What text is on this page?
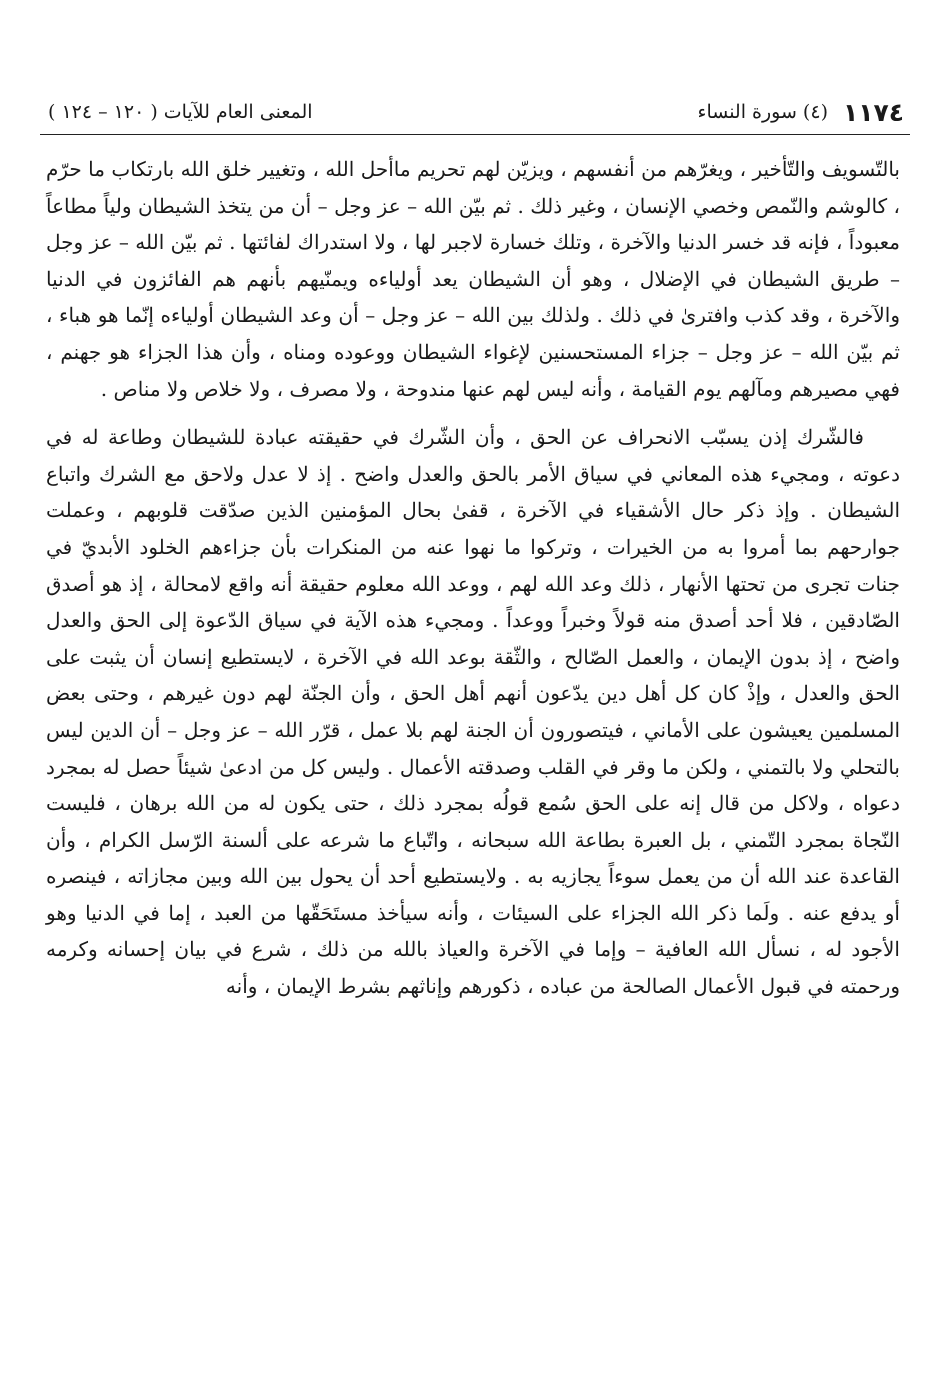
١١٧٤
(٤) سورة النساء
المعنى العام للآيات ( ١٢٠ – ١٢٤ )

بالتّسويف والتّأخير ، ويغرّهم من أنفسهم ، ويزيّن لهم تحريم ماأحل الله ، وتغيير خلق الله بارتكاب ما حرّم ، كالوشم والنّمص وخصي الإنسان ، وغير ذلك . ثم بيّن الله – عز وجل – أن من يتخذ الشيطان ولياً مطاعاً معبوداً ، فإنه قد خسر الدنيا والآخرة ، وتلك خسارة لاجبر لها ، ولا استدراك لفائتها . ثم بيّن الله – عز وجل – طريق الشيطان في الإضلال ، وهو أن الشيطان يعد أولياءه ويمنّيهم بأنهم هم الفائزون في الدنيا والآخرة ، وقد كذب وافترىٰ في ذلك . ولذلك بين الله – عز وجل – أن وعد الشيطان أولياءه إنّما هو هباء ، ثم بيّن الله – عز وجل – جزاء المستحسنين لإغواء الشيطان ووعوده ومناه ، وأن هذا الجزاء هو جهنم ، فهي مصيرهم ومآلهم يوم القيامة ، وأنه ليس لهم عنها مندوحة ، ولا مصرف ، ولا خلاص ولا مناص .

فالشّرك إذن يسبّب الانحراف عن الحق ، وأن الشّرك في حقيقته عبادة للشيطان وطاعة له في دعوته ، ومجيء هذه المعاني في سياق الأمر بالحق والعدل واضح . إذ لا عدل ولاحق مع الشرك واتباع الشيطان . وإذ ذكر حال الأشقياء في الآخرة ، قفىٰ بحال المؤمنين الذين صدّقت قلوبهم ، وعملت جوارحهم بما أمروا به من الخيرات ، وتركوا ما نهوا عنه من المنكرات بأن جزاءهم الخلود الأبديّ في جنات تجرى من تحتها الأنهار ، ذلك وعد الله لهم ، ووعد الله معلوم حقيقة أنه واقع لامحالة ، إذ هو أصدق الصّادقين ، فلا أحد أصدق منه قولاً وخبراً ووعداً . ومجيء هذه الآية في سياق الدّعوة إلى الحق والعدل واضح ، إذ بدون الإيمان ، والعمل الصّالح ، والثّقة بوعد الله في الآخرة ، لايستطيع إنسان أن يثبت على الحق والعدل ، وإذْ كان كل أهل دين يدّعون أنهم أهل الحق ، وأن الجنّة لهم دون غيرهم ، وحتى بعض المسلمين يعيشون على الأماني ، فيتصورون أن الجنة لهم بلا عمل ، قرّر الله – عز وجل – أن الدين ليس بالتحلي ولا بالتمني ، ولكن ما وقر في القلب وصدقته الأعمال . وليس كل من ادعىٰ شيئاً حصل له بمجرد دعواه ، ولاكل من قال إنه على الحق سُمع قولُه بمجرد ذلك ، حتى يكون له من الله برهان ، فليست النّجاة بمجرد التّمني ، بل العبرة بطاعة الله سبحانه ، واتّباع ما شرعه على ألسنة الرّسل الكرام ، وأن القاعدة عند الله أن من يعمل سوءاً يجازيه به . ولايستطيع أحد أن يحول بين الله وبين مجازاته ، فينصره أو يدفع عنه . ولَما ذكر الله الجزاء على السيئات ، وأنه سيأخذ مستَحَقّها من العبد ، إما في الدنيا وهو الأجود له ، نسأل الله العافية – وإما في الآخرة والعياذ بالله من ذلك ، شرع في بيان إحسانه وكرمه ورحمته في قبول الأعمال الصالحة من عباده ، ذكورهم وإناثهم بشرط الإيمان ، وأنه
